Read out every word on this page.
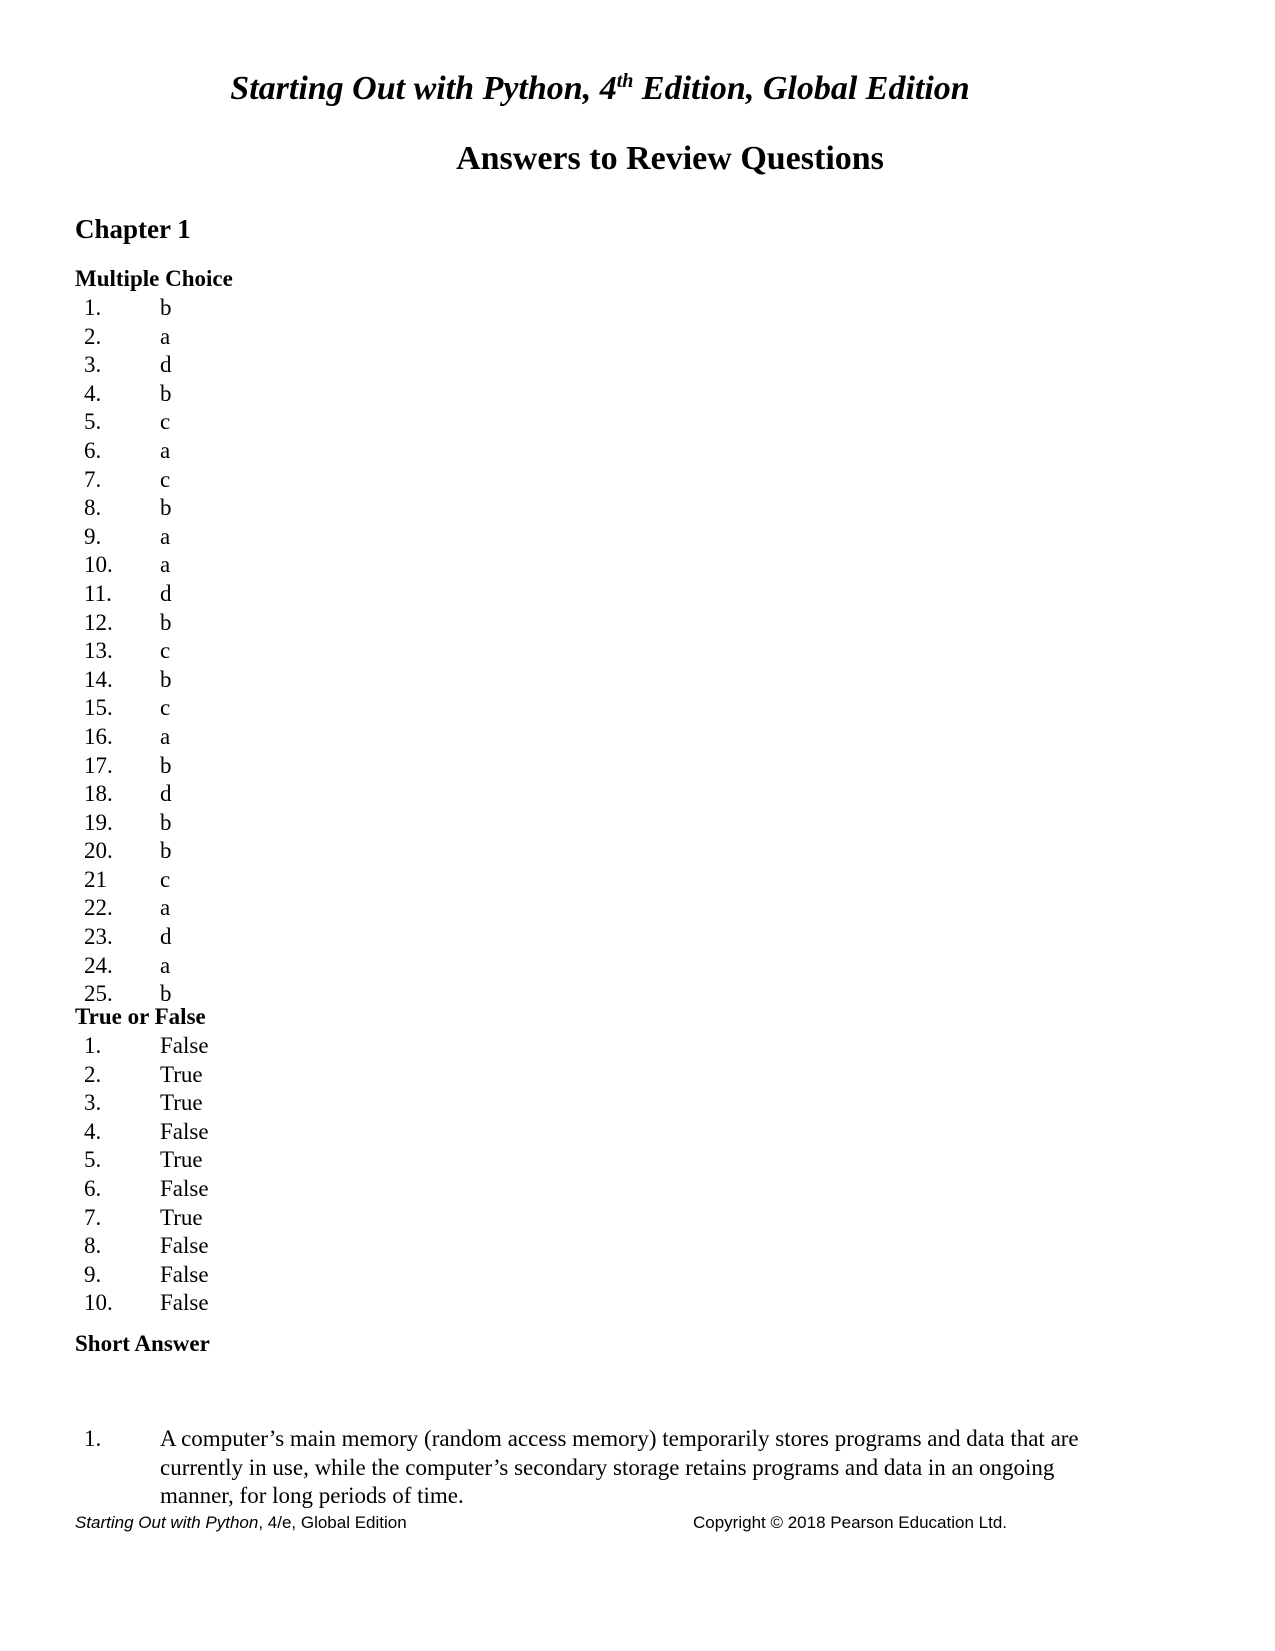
Starting Out with Python, 4th Edition, Global Edition
Answers to Review Questions
Chapter 1
Multiple Choice
1.	b
2.	a
3.	d
4.	b
5.	c
6.	a
7.	c
8.	b
9.	a
10. a
11. d
12. b
13. c
14. b
15. c
16. a
17. b
18. d
19. b
20. b
21 c
22. a
23. d
24. a
25. b
True or False
1.	False
2.	True
3.	True
4.	False
5.	True
6.	False
7.	True
8.	False
9.	False
10. False
Short Answer
1.	A computer’s main memory (random access memory) temporarily stores programs and data that are currently in use, while the computer’s secondary storage retains programs and data in an ongoing manner, for long periods of time.
Starting Out with Python, 4/e, Global Edition	Copyright © 2018 Pearson Education Ltd.
